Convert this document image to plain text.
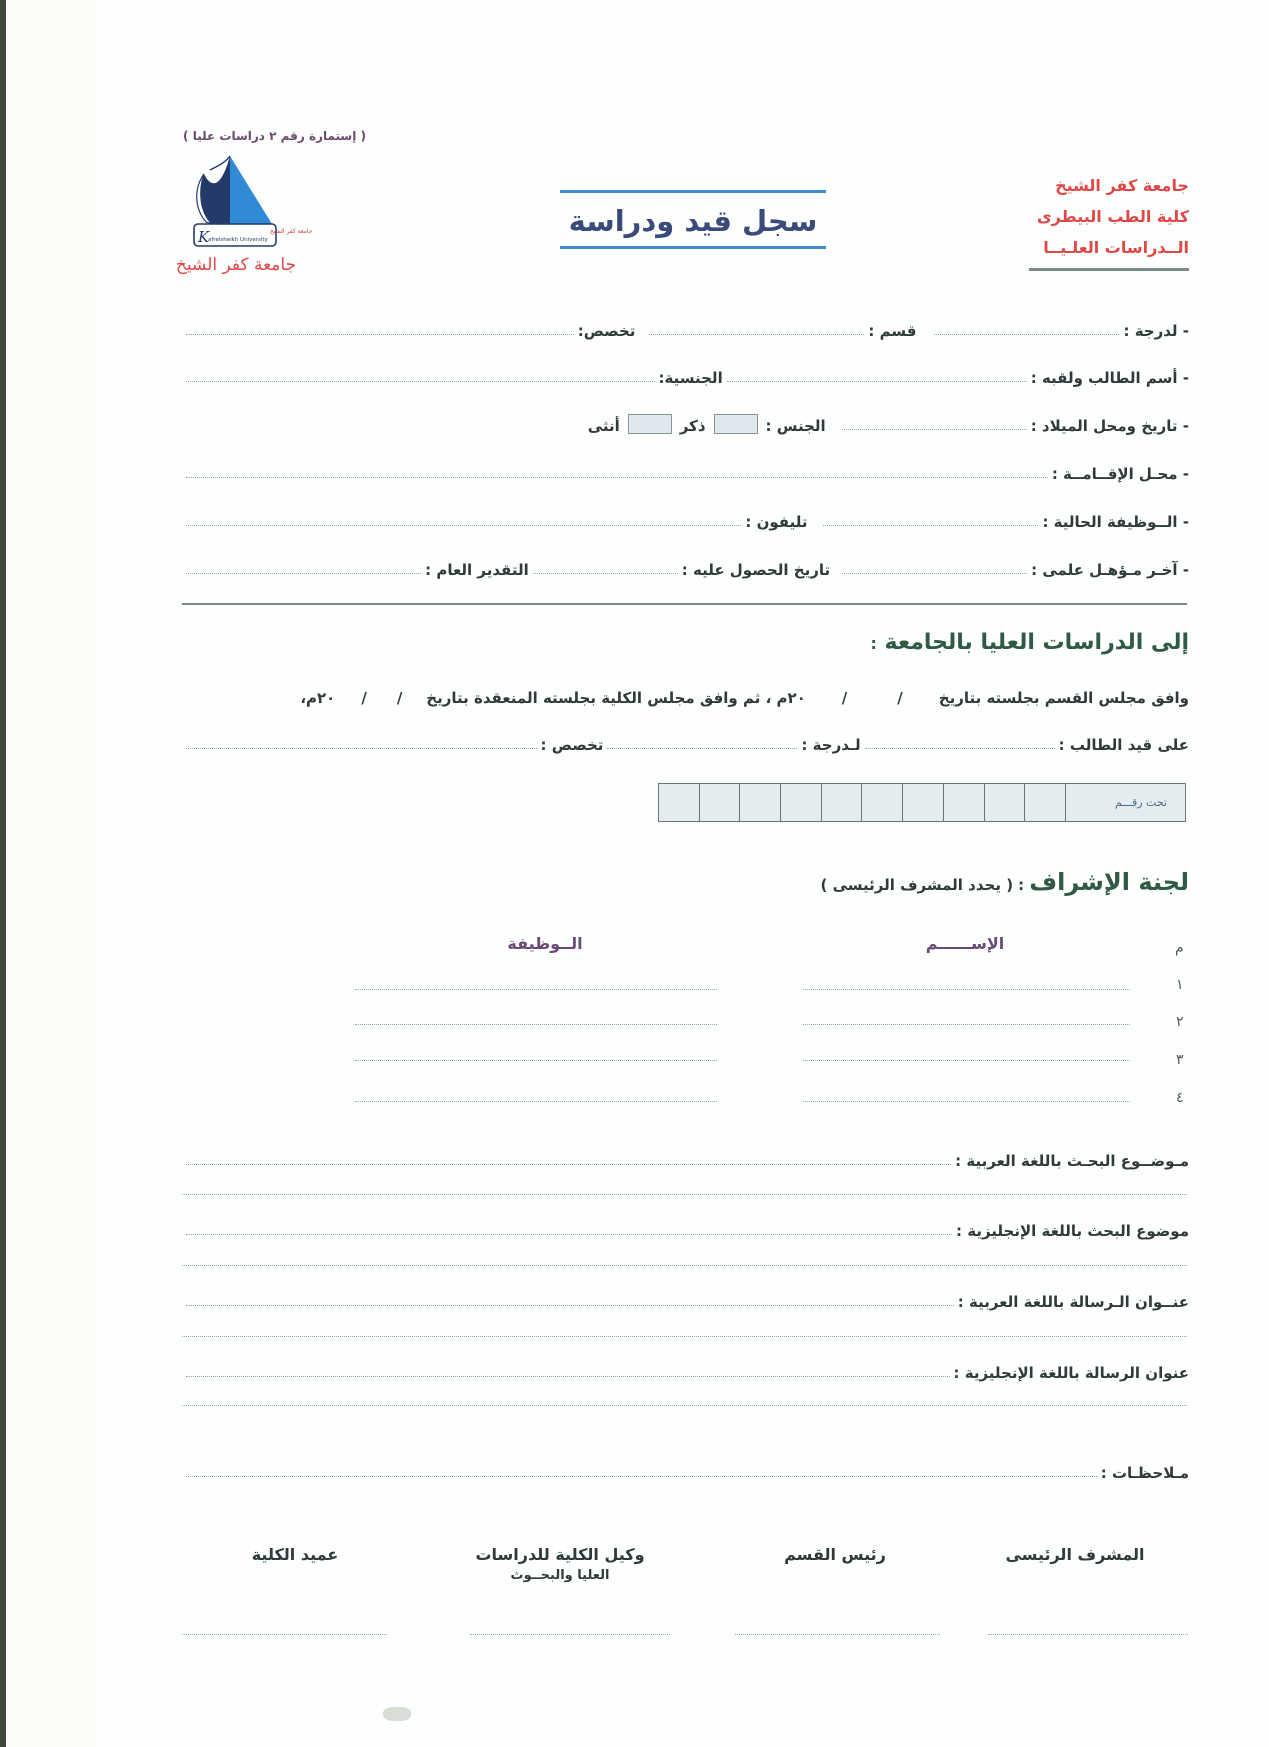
( إستمارة رقم ٢ دراسات عليا )
K
afrelsheikh University
جامعة كفر الشيخ
جامعة كفر الشيخ
سجل قيد ودراسة
جامعة كفر الشيخ
كلية الطب البيطرى
الــدراسات العلـيــا
- لدرجة :
قسم :
تخصص:
- أسم الطالب ولقبه :
الجنسية:
- تاريخ ومحل الميلاد :
الجنس :
ذكر
أنثى
- محـل الإقــامــة :
- الــوظيفة الحالية :
تليفون :
- آخـر مـؤهـل علمى :
تاريخ الحصول عليه :
التقدير العام :
إلى الدراسات العليا بالجامعة :
وافق مجلس القسم بجلسته بتاريخ
/
/
٢٠م ، ثم وافق مجلس الكلية بجلسته المنعقدة بتاريخ
/
/
٢٠م،
على قيد الطالب :
لـدرجة :
تخصص :
تحت رقـــم
لجنة الإشراف : ( يحدد المشرف الرئيسى )
م
الإســــــم
الــوظيفة
١
٢
٣
٤
مـوضــوع البحـث باللغة العربية :
موضوع البحث باللغة الإنجليزية :
عنــوان الـرسالة باللغة العربية :
عنوان الرسالة باللغة الإنجليزية :
مـلاحظـات :
المشرف الرئيسى
رئيس القسم
وكيل الكلية للدراسات
العليا والبحــوث
عميد الكلية
